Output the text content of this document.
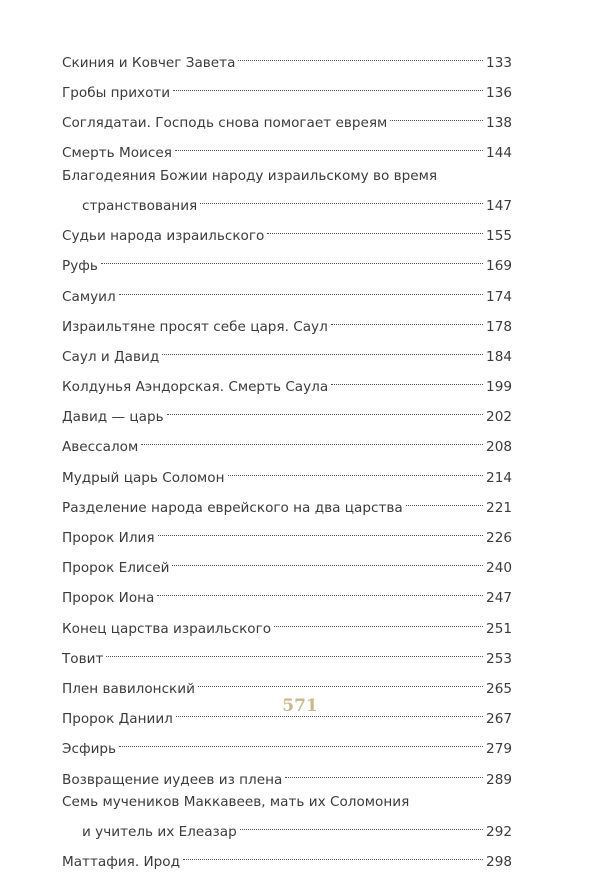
Скиния и Ковчег Завета	133
Гробы прихоти	136
Соглядатаи. Господь снова помогает евреям	138
Смерть Моисея	144
Благодеяния Божии народу израильскому во время
странствования	147
Судьи народа израильского	155
Руфь	169
Самуил	174
Израильтяне просят себе царя. Саул	178
Саул и Давид	184
Колдунья Аэндорская. Смерть Саула	199
Давид — царь	202
Авессалом	208
Мудрый царь Соломон	214
Разделение народа еврейского на два царства	221
Пророк Илия	226
Пророк Елисей	240
Пророк Иона	247
Конец царства израильского	251
Товит	253
Плен вавилонский	265
Пророк Даниил	267
Эсфирь	279
Возвращение иудеев из плена	289
Семь мучеников Маккавеев, мать их Соломония
и учитель их Елеазар	292
Маттафия. Ирод	298
571
